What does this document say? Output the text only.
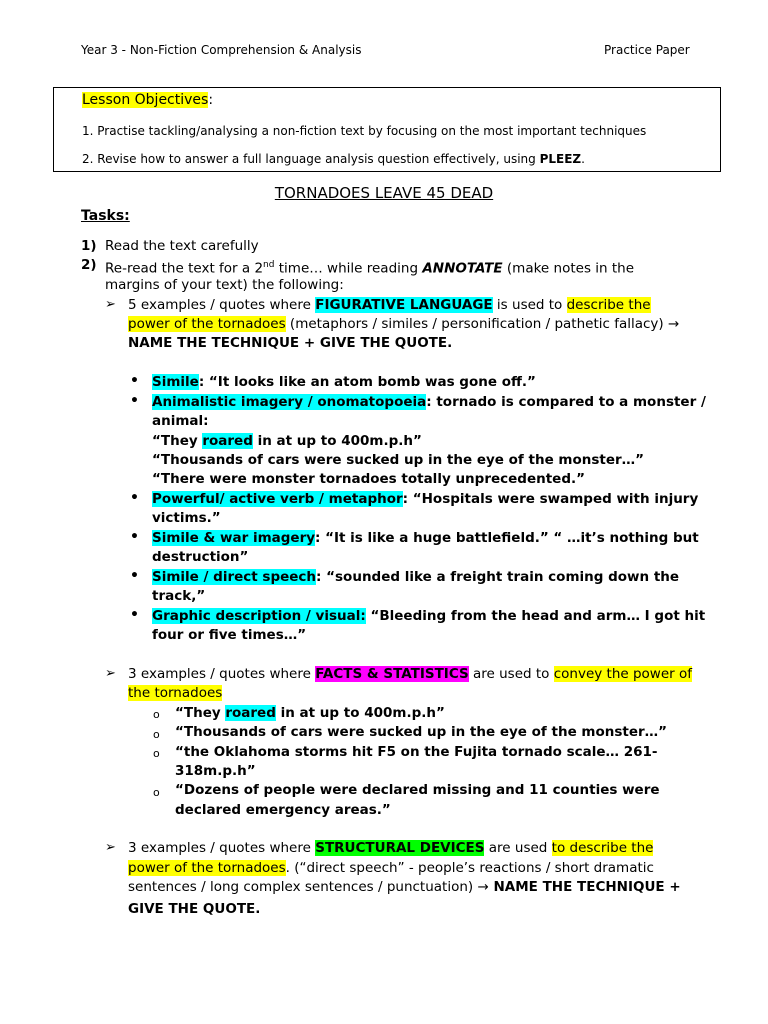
Year 3 - Non-Fiction Comprehension & Analysis	Practice Paper
Lesson Objectives:
1. Practise tackling/analysing a non-fiction text by focusing on the most important techniques
2. Revise how to answer a full language analysis question effectively, using PLEEZ.
TORNADOES LEAVE 45 DEAD
Tasks:
1) Read the text carefully
2) Re-read the text for a 2nd time… while reading ANNOTATE (make notes in the
margins of your text) the following:
➢ 5 examples / quotes where FIGURATIVE LANGUAGE is used to describe the
power of the tornadoes (metaphors / similes / personification / pathetic fallacy) →
NAME THE TECHNIQUE + GIVE THE QUOTE.
• Simile: “It looks like an atom bomb was gone off.”
• Animalistic imagery / onomatopoeia: tornado is compared to a monster /
animal:
“They roared in at up to 400m.p.h”
“Thousands of cars were sucked up in the eye of the monster…”
“There were monster tornadoes totally unprecedented.”
• Powerful/ active verb / metaphor: “Hospitals were swamped with injury
victims.”
• Simile & war imagery: “It is like a huge battlefield.” “ …it’s nothing but
destruction”
• Simile / direct speech: “sounded like a freight train coming down the
track,”
• Graphic description / visual: “Bleeding from the head and arm… I got hit
four or five times…”
➢ 3 examples / quotes where FACTS & STATISTICS are used to convey the power of
the tornadoes
o “They roared in at up to 400m.p.h”
o “Thousands of cars were sucked up in the eye of the monster…”
o “the Oklahoma storms hit F5 on the Fujita tornado scale… 261-
318m.p.h”
o “Dozens of people were declared missing and 11 counties were
declared emergency areas.”
➢ 3 examples / quotes where STRUCTURAL DEVICES are used to describe the
power of the tornadoes. (“direct speech” - people’s reactions / short dramatic
sentences / long complex sentences / punctuation) → NAME THE TECHNIQUE +
GIVE THE QUOTE.
